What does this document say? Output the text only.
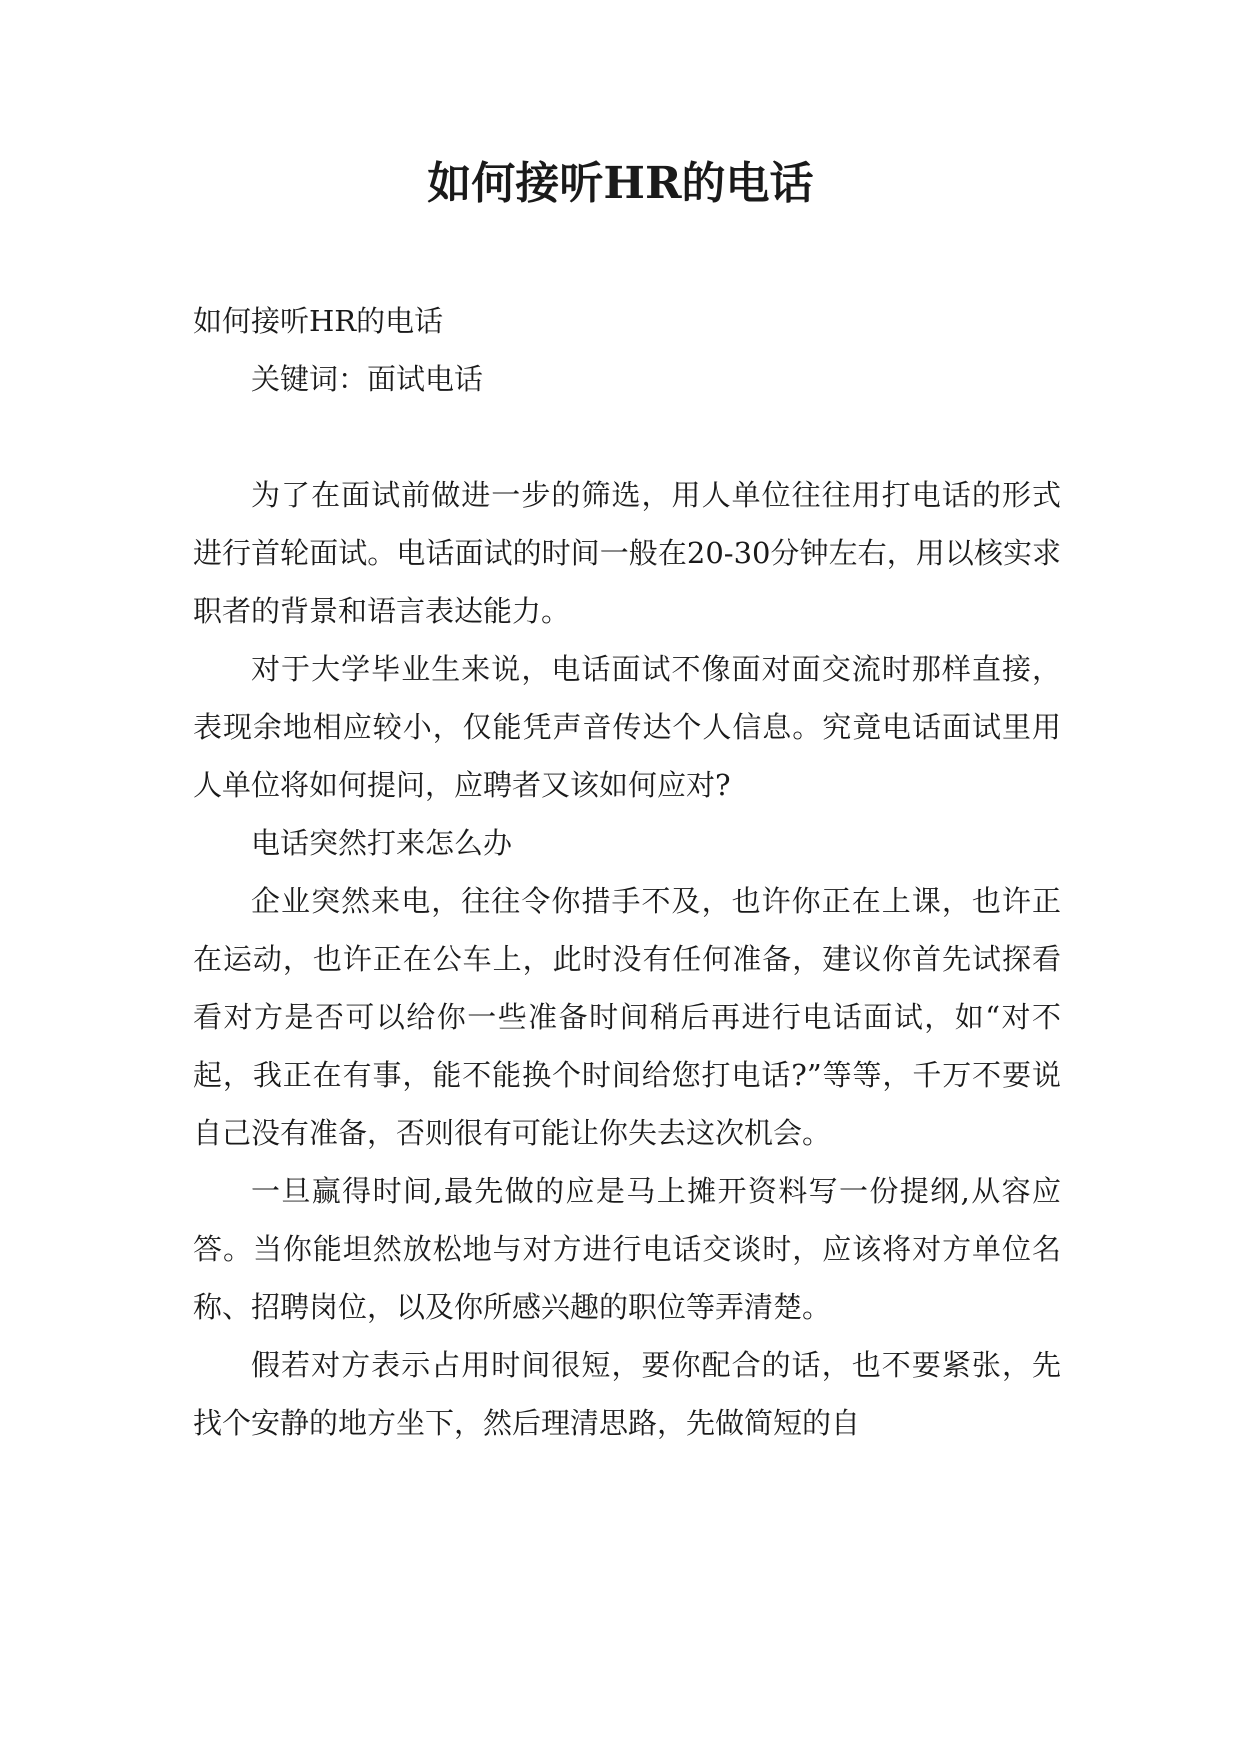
如何接听HR的电话

如何接听HR的电话

关键词：面试电话

为了在面试前做进一步的筛选，用人单位往往用打电话的形式进行首轮面试。电话面试的时间一般在20-30分钟左右，用以核实求职者的背景和语言表达能力。

对于大学毕业生来说，电话面试不像面对面交流时那样直接，表现余地相应较小，仅能凭声音传达个人信息。究竟电话面试里用人单位将如何提问，应聘者又该如何应对?

电话突然打来怎么办

企业突然来电，往往令你措手不及，也许你正在上课，也许正在运动，也许正在公车上，此时没有任何准备，建议你首先试探看看对方是否可以给你一些准备时间稍后再进行电话面试，如“对不起，我正在有事，能不能换个时间给您打电话?”等等，千万不要说自己没有准备，否则很有可能让你失去这次机会。

一旦赢得时间,最先做的应是马上摊开资料写一份提纲,从容应答。当你能坦然放松地与对方进行电话交谈时，应该将对方单位名称、招聘岗位，以及你所感兴趣的职位等弄清楚。

假若对方表示占用时间很短，要你配合的话，也不要紧张，先找个安静的地方坐下，然后理清思路，先做简短的自
